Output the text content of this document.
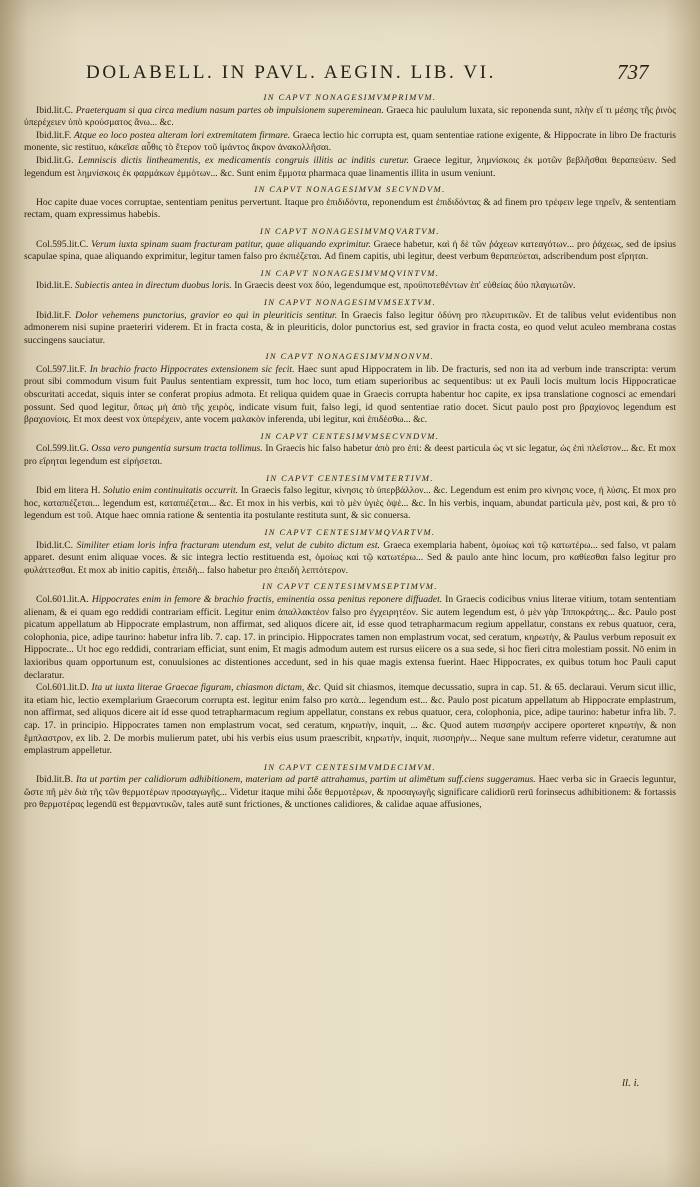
DOLABELL. IN PAVL. AEGIN. LIB. VI.	737
IN CAPVT NONAGESIMVMPRIMVM.

Ibid.lit.C. Praeterquam si qua circa medium nasum partes ob impulsionem supereminean. Graeca hic paululum luxata, sic reponenda sunt, πλὴν εἴ τι μέσης τῆς ῥινὸς ὑπερέχειεν ὑπὸ κρούσματος ἄνω... &c.

Ibid.lit.F. Atque eo loco postea alteram lori extremitatem firmare. Graeca lectio hic corrupta est, quam sententiae ratione exigente, & Hippocrate in libro De fracturis monente, sic restituo, κἀκεῖσε αὖθις τὸ ἕτερον τοῦ ἱμάντος ἄκρον ἀνακολλῆσαι.

Ibid.lit.G. Lemniscis dictis lintheamentis, ex medicamentis congruis illitis ac inditis curetur. Graece legitur, λημνίσκοις ἐκ μοτῶν βεβλῆσθαι θεραπεύειν. Sed legendum est λημνίσκοις ἐκ φαρμάκων ἐμμότων... &c. Sunt enim ἔμμοτα pharmaca quae linamentis illita in usum veniunt.

IN CAPVT NONAGESIMVM SECVNDVM.

Hoc capite duae voces corruptae, sententiam penitus pervertunt. Itaque pro ἐπιδιδόντα, reponendum est ἐπιδιδόντας & ad finem pro τρέφειν lege τηρεῖν, & sententiam rectam, quam expressimus habebis.

IN CAPVT NONAGESIMVMQVARTVM.

Col.595.lit.C. Verum iuxta spinam suam fracturam patitur, quae aliquando exprimitur. Graece habetur, καὶ ἡ δὲ τῶν ῥάχεων κατεαγότων... pro ῥάχεως, sed de ipsius scapulae spina, quae aliquando exprimitur, legitur tamen falso pro ἐκπιέζεται. Ad finem capitis, ubi legitur, deest verbum θεραπεύεται, adscribendum post εἴρηται.

IN CAPVT NONAGESIMVMQVINTVM.

Ibid.lit.E. Subiectis antea in directum duobus loris. In Graecis deest vox δύο, legendumque est, προϋποτεθέντων ἐπ' εὐθείας δύο πλαγιωτῶν.

IN CAPVT NONAGESIMVMSEXTVM.

Ibid.lit.F. Dolor vehemens punctorius, gravior eo qui in pleuriticis sentitur. In Graecis falso legitur ὀδύνη pro πλευριτικῶν. Et de talibus velut evidentibus non admonerem nisi supine praeteriri viderem. Et in fracta costa, & in pleuriticis, dolor punctorius est, sed gravior in fracta costa, eo quod velut aculeo membrana costas succingens sauciatur.

IN CAPVT NONAGESIMVMNONVM.

Col.597.lit.F. In brachio fracto Hippocrates extensionem sic fecit. Haec sunt apud Hippocratem in lib. De fracturis, sed non ita ad verbum inde transcripta: verum prout sibi commodum visum fuit Paulus sententiam expressit, tum hoc loco, tum etiam superioribus ac sequentibus: ut ex Pauli locis multum locis Hippocraticae obscuritati accedat, siquis inter se conferat propius admota. Et reliqua quidem quae in Graecis corrupta habentur hoc capite, ex ipsa translatione cognosci ac emendari possunt. Sed quod legitur, ὅπως μὴ ἀπὸ τῆς χειρὸς, indicate visum fuit, falso legi, id quod sententiae ratio docet. Sicut paulo post pro βραχίονος legendum est βραχιονίοις. Et mox deest vox ὑπερέχειν, ante vocem μαλακὸν inferenda, ubi legitur, καὶ ἐπιδέσθω... &c.

IN CAPVT CENTESIMVMSECVNDVM.

Col.599.lit.G. Ossa vero pungentia sursum tracta tollimus. In Graecis hic falso habetur ἀπὸ pro ἐπὶ: & deest particula ὡς vt sic legatur, ὡς ἐπὶ πλεῖστον... &c. Et mox pro εἴρηται legendum est εἰρήσεται.

IN CAPVT CENTESIMVMTERTIVM.

Ibid em litera H. Solutio enim continuitatis occurrit. In Graecis falso legitur, κίνησις τὸ ὑπερβάλλον... &c. Legendum est enim pro κίνησις voce, ἡ λύσις. Et mox pro hoc, καταπιέζεται... legendum est, καταπιέζεται... &c. Et mox in his verbis, καὶ τὸ μὲν ὑγιὲς ὀψὲ... &c. In his verbis, inquam, abundat particula μὲν, post καὶ, & pro τὸ legendum est τοῦ. Atque haec omnia ratione & sententia ita postulante restituta sunt, & sic conuersa.

IN CAPVT CENTESIMVMQVARTVM.

Ibid.lit.C. Similiter etiam loris infra fracturam utendum est, velut de cubito dictum est. Graeca exemplaria habent, ὁμοίως καὶ τῷ κατωτέρω... sed falso, vt palam apparet. desunt enim aliquae voces. & sic integra lectio restituenda est, ὁμοίως καὶ τῷ κατωτέρω... Sed & paulo ante hinc locum, pro καθίεσθαι falso legitur pro φυλάττεσθαι. Et mox ab initio capitis, ἐπειδὴ... falso habetur pro ἐπειδὴ λεπτότερον.

IN CAPVT CENTESIMVMSEPTIMVM.

Col.601.lit.A. Hippocrates enim in femore & brachio fractis, eminentia ossa penitus reponere diffuadet. In Graecis codicibus vnius literae vitium, totam sententiam alienam, & ei quam ego reddidi contrariam efficit. Legitur enim ἀπαλλακτέον falso pro ἐγχειρητέον. Sic autem legendum est, ὁ μὲν γὰρ Ἱπποκράτης... &c. Paulo post picatum appellatum ab Hippocrate emplastrum, non affirmat, sed aliquos dicere ait, id esse quod tetrapharmacum regium appellatur, constans ex rebus quatuor, cera, colophonia, pice, adipe taurino: habetur infra lib. 7. cap. 17. in principio. Hippocrates tamen non emplastrum vocat, sed ceratum, κηρωτὴν, & Paulus verbum reposuit ex Hippocrate... Ut hoc ego reddidi, contrariam efficiat, sunt enim, Et magis admodum autem est rursus eiicere os a sua sede, si hoc fieri citra molestiam possit. Nō enim in laxioribus quam opportunum est, conuulsiones ac distentiones accedunt, sed in his quae magis extensa fuerint. Haec Hippocrates, ex quibus totum hoc Pauli caput declaratur.

Col.601.lit.D. Ita ut iuxta literae Graecae figuram, chiasmon dictam, &c. Quid sit chiasmos, itemque decussatio, supra in cap. 51. & 65. declaraui. Verum sicut illic, ita etiam hic, lectio exemplarium Graecorum corrupta est. legitur enim falso pro κατὰ... legendum est... &c. Paulo post picatum appellatum ab Hippocrate emplastrum, non affirmat, sed aliquos dicere ait id esse quod tetrapharmacum regium appellatur, constans ex rebus quatuor, cera, colophonia, pice, adipe taurino: habetur infra lib. 7. cap. 17. in principio. Hippocrates tamen non emplastrum vocat, sed ceratum, κηρωτὴν, inquit, ... &c. Quod autem πισσηρὴν accipere oporteret κηρωτὴν, & non ἔμπλαστρον, ex lib. 2. De morbis mulierum patet, ubi his verbis eius usum praescribit, κηρωτὴν, inquit, πισσηρὴν... Neque sane multum referre videtur, ceratumne aut emplastrum appelletur.

IN CAPVT CENTESIMVMDECIMVM.

Ibid.lit.B. Ita ut partim per calidiorum adhibitionem, materiam ad partē attrahamus, partim ut alimētum suff.ciens suggeramus. Haec verba sic in Graecis leguntur, ὥστε πῆ μὲν διὰ τῆς τῶν θερμοτέρων προσαγωγῆς... Videtur itaque mihi ὧδε θερμοτέρων, & προσαγωγῆς significare calidiorū rerū forinsecus adhibitionem: & fortassis pro θερμοτέρας legendū est θερμαντικῶν, tales autē sunt frictiones, & unctiones calidiores, & calidae aquae affusiones,

ll. i.
